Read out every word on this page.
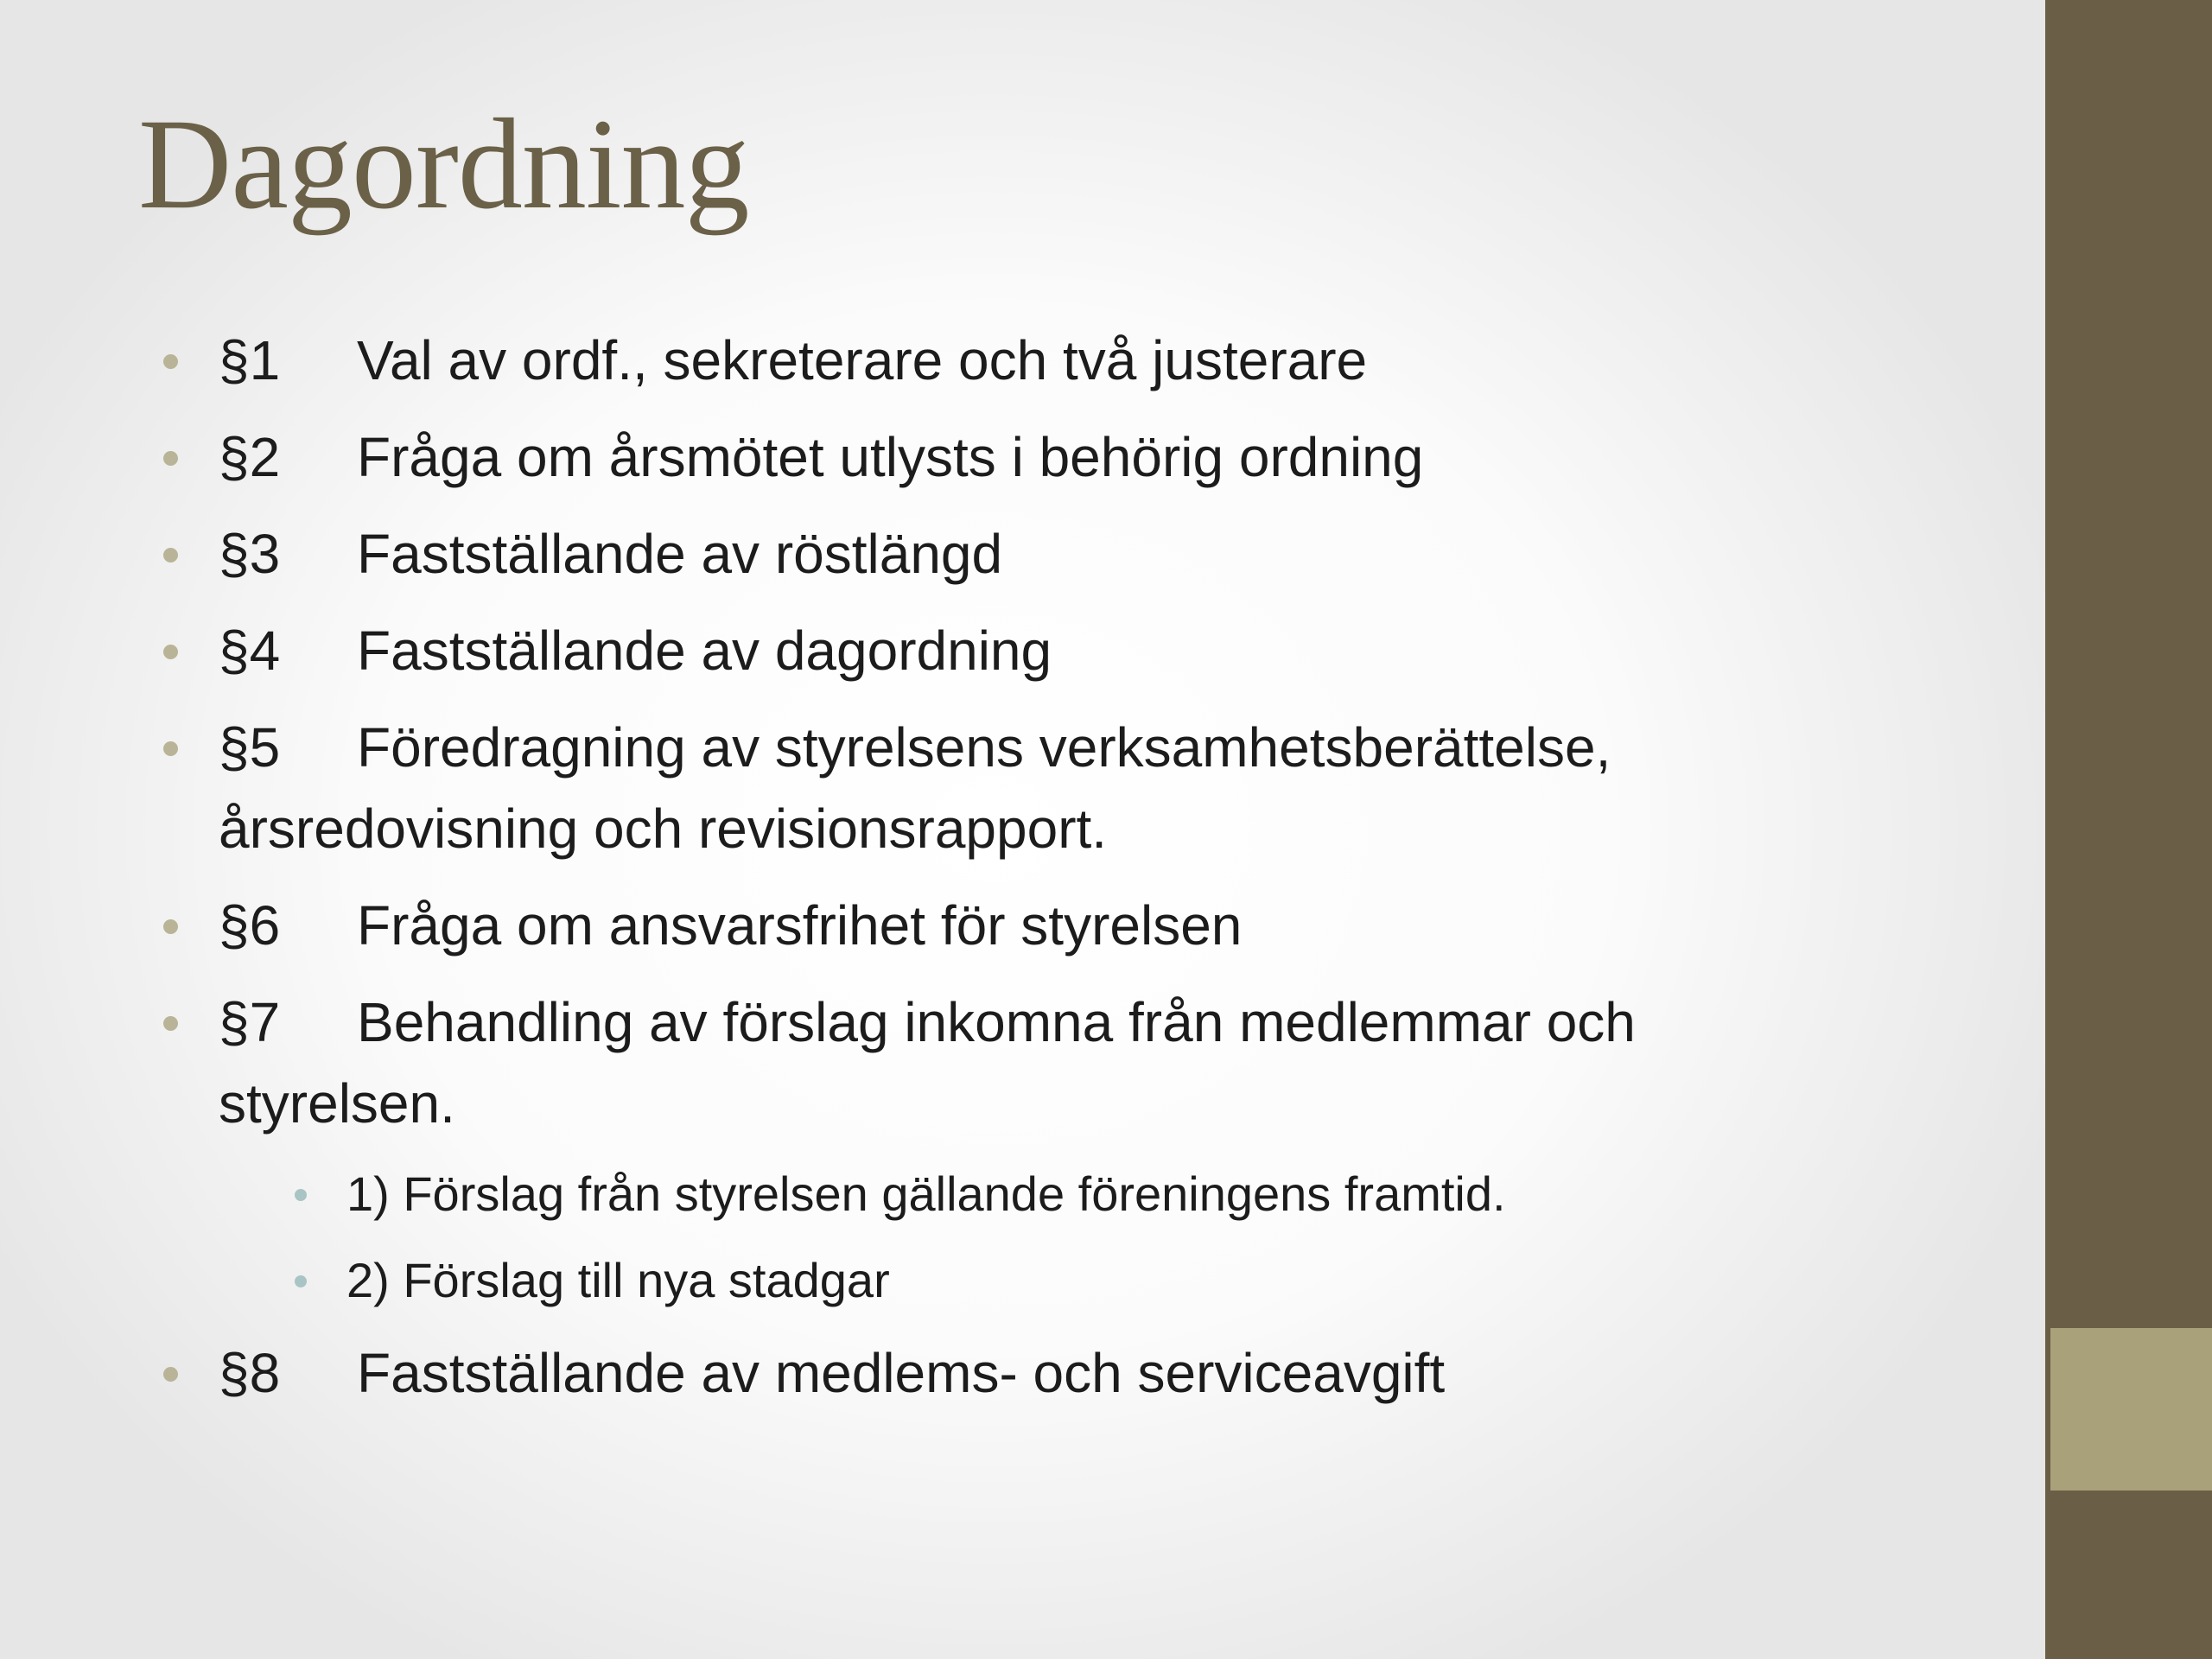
Dagordning
§1 Val av ordf., sekreterare och två justerare
§2 Fråga om årsmötet utlysts i behörig ordning
§3 Fastställande av röstlängd
§4 Fastställande av dagordning
§5 Föredragning av styrelsens verksamhetsberättelse,
årsredovisning och revisionsrapport.
§6 Fråga om ansvarsfrihet för styrelsen
§7 Behandling av förslag inkomna från medlemmar och
styrelsen.
1) Förslag från styrelsen gällande föreningens framtid.
2) Förslag till nya stadgar
§8 Fastställande av medlems- och serviceavgift
